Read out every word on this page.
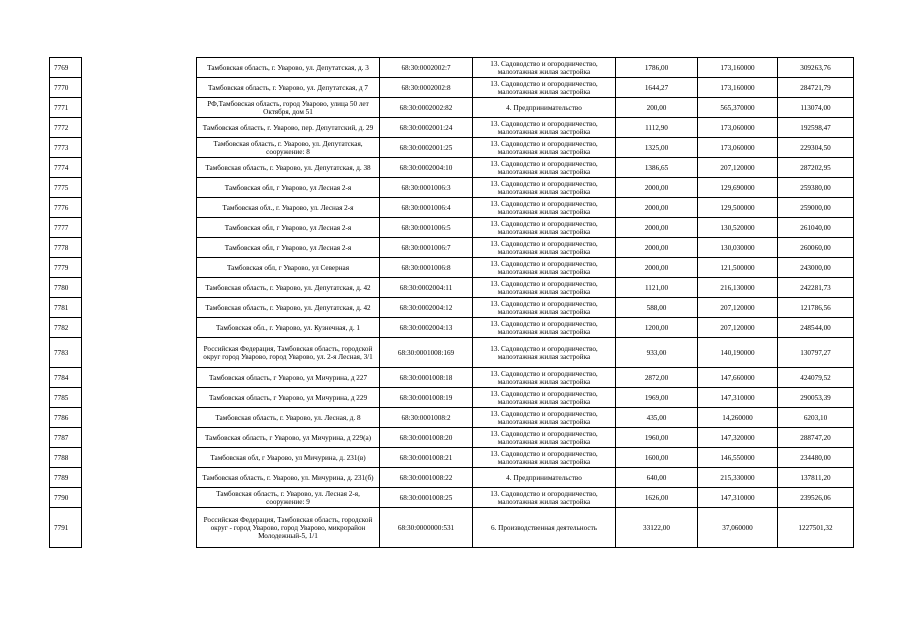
7769		Тамбовская область, г. Уварово, ул. Депутатская, д. 3	68:30:0002002:7	13. Садоводство и огородничество, малоэтажная жилая застройка	1786,00	173,160000	309263,76
7770		Тамбовская область, г. Уварово, ул. Депутатская, д 7	68:30:0002002:8	13. Садоводство и огородничество, малоэтажная жилая застройка	1644,27	173,160000	284721,79
7771		РФ,Тамбовская область, город Уварово, улица 50 лет Октября, дом 51	68:30:0002002:82	4. Предпринимательство	200,00	565,370000	113074,00
7772		Тамбовская область, г. Уварово, пер. Депутатский, д. 29	68:30:0002001:24	13. Садоводство и огородничество, малоэтажная жилая застройка	1112,90	173,060000	192598,47
7773		Тамбовская область, г. Уварово, ул. Депутатская, сооружение: 8	68:30:0002001:25	13. Садоводство и огородничество, малоэтажная жилая застройка	1325,00	173,060000	229304,50
7774		Тамбовская область, г. Уварово, ул. Депутатская, д. 38	68:30:0002004:10	13. Садоводство и огородничество, малоэтажная жилая застройка	1386,65	207,120000	287202,95
7775		Тамбовская обл, г Уварово, ул Лесная 2-я	68:30:0001006:3	13. Садоводство и огородничество, малоэтажная жилая застройка	2000,00	129,690000	259380,00
7776		Тамбовская обл., г. Уварово, ул. Лесная 2-я	68:30:0001006:4	13. Садоводство и огородничество, малоэтажная жилая застройка	2000,00	129,500000	259000,00
7777		Тамбовская обл, г Уварово, ул Лесная 2-я	68:30:0001006:5	13. Садоводство и огородничество, малоэтажная жилая застройка	2000,00	130,520000	261040,00
7778		Тамбовская обл, г Уварово, ул Лесная 2-я	68:30:0001006:7	13. Садоводство и огородничество, малоэтажная жилая застройка	2000,00	130,030000	260060,00
7779		Тамбовская обл, г Уварово, ул Северная	68:30:0001006:8	13. Садоводство и огородничество, малоэтажная жилая застройка	2000,00	121,500000	243000,00
7780		Тамбовская область, г. Уварово, ул. Депутатская, д. 42	68:30:0002004:11	13. Садоводство и огородничество, малоэтажная жилая застройка	1121,00	216,130000	242281,73
7781		Тамбовская область, г. Уварово, ул. Депутатская, д. 42	68:30:0002004:12	13. Садоводство и огородничество, малоэтажная жилая застройка	588,00	207,120000	121786,56
7782		Тамбовская обл., г. Уварово, ул. Кузнечная, д. 1	68:30:0002004:13	13. Садоводство и огородничество, малоэтажная жилая застройка	1200,00	207,120000	248544,00
7783		Российская Федерация, Тамбовская область, городской округ город Уварово, город Уварово, ул. 2-я Лесная, 3/1	68:30:0001008:169	13. Садоводство и огородничество, малоэтажная жилая застройка	933,00	140,190000	130797,27
7784		Тамбовская область, г Уварово, ул Мичурина, д 227	68:30:0001008:18	13. Садоводство и огородничество, малоэтажная жилая застройка	2872,00	147,660000	424079,52
7785		Тамбовская область, г Уварово, ул Мичурина, д 229	68:30:0001008:19	13. Садоводство и огородничество, малоэтажная жилая застройка	1969,00	147,310000	290053,39
7786		Тамбовская область, г. Уварово, ул. Лесная, д. 8	68:30:0001008:2	13. Садоводство и огородничество, малоэтажная жилая застройка	435,00	14,260000	6203,10
7787		Тамбовская область, г Уварово, ул Мичурина, д 229(а)	68:30:0001008:20	13. Садоводство и огородничество, малоэтажная жилая застройка	1960,00	147,320000	288747,20
7788		Тамбовская обл, г Уварово, ул Мичурина, д. 231(в)	68:30:0001008:21	13. Садоводство и огородничество, малоэтажная жилая застройка	1600,00	146,550000	234480,00
7789		Тамбовская область, г. Уварово, ул. Мичурина, д. 231(б)	68:30:0001008:22	4. Предпринимательство	640,00	215,330000	137811,20
7790		Тамбовская область, г. Уварово, ул. Лесная 2-я, сооружение: 9	68:30:0001008:25	13. Садоводство и огородничество, малоэтажная жилая застройка	1626,00	147,310000	239526,06
7791		Российская Федерация, Тамбовская область, городской округ - город Уварово, город Уварово, микрорайон Молодежный-5, 1/1	68:30:0000000:531	6. Производственная деятельность	33122,00	37,060000	1227501,32
